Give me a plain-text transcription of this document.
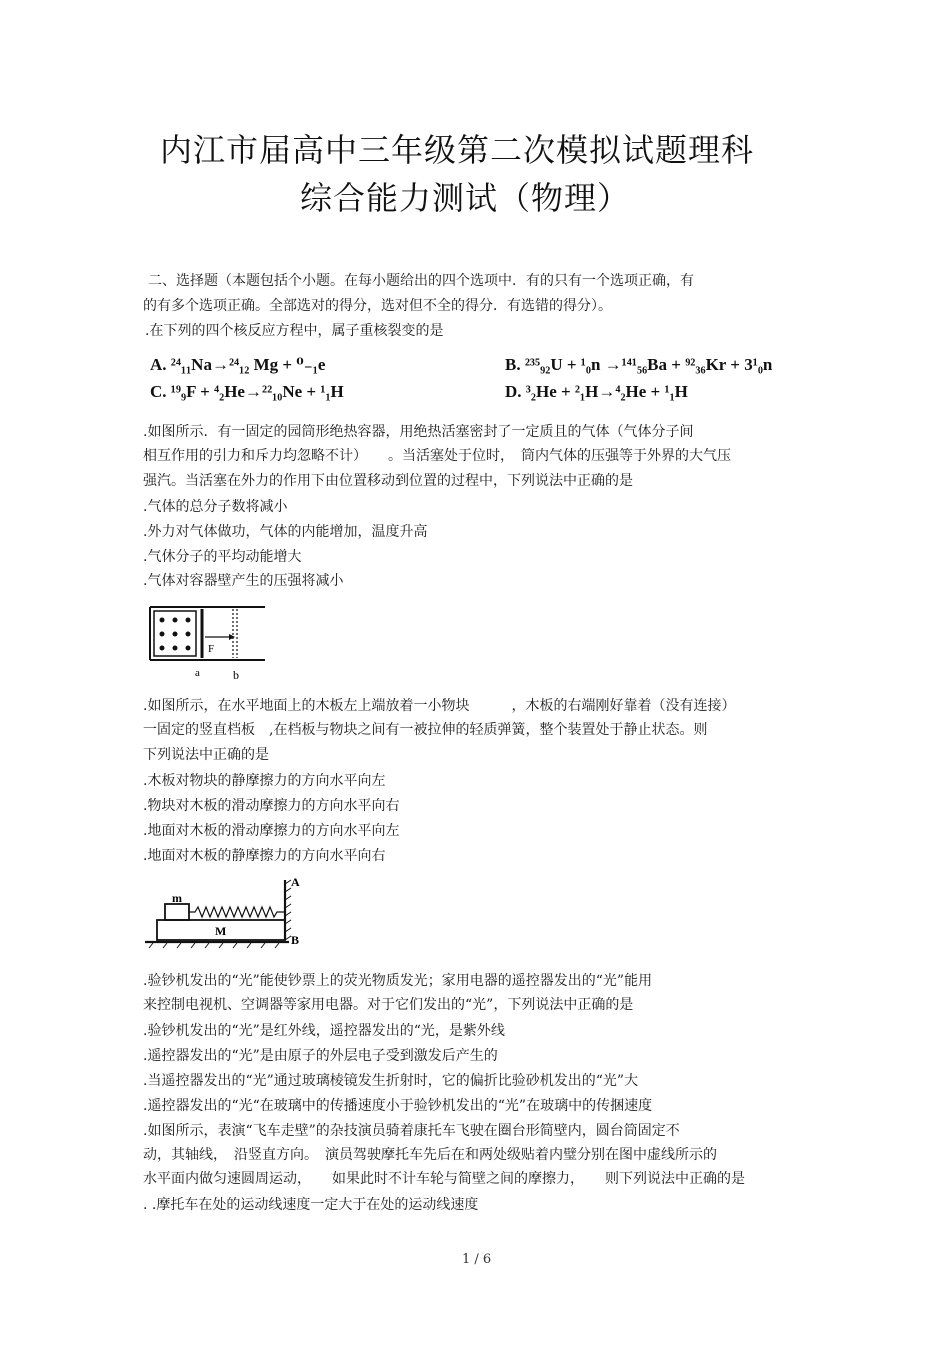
内江市届高中三年级第二次模拟试题理科
综合能力测试（物理）
二、选择题（本题包括个小题。在每小题给出的四个选项中．有的只有一个选项正确，有
的有多个选项正确。全部选对的得分，选对但不全的得分．有选错的得分）。
.在下列的四个核反应方程中，属子重核裂变的是
A. ²⁴₁₁Na→²⁴₁₂ Mg + ⁰₋₁e	B. ²³⁵₉₂U + ¹₀n →¹⁴¹₅₆Ba + ⁹²₃₆Kr + 3¹₀n
C. ¹⁹₉F + ⁴₂He→²²₁₀Ne + ¹₁H	D. ³₂He + ²₁H→⁴₂He + ¹₁H
.如图所示．有一固定的园筒形绝热容器，用绝热活塞密封了一定质且的气体（气体分子间
相互作用的引力和斥力均忽略不计）　　。当活塞处于位时，　筒内气体的压强等于外界的大气压
强汽。当活塞在外力的作用下由位置移动到位置的过程中，下列说法中正确的是
.气体的总分子数将减小
.外力对气体做功，气体的内能增加，温度升高
.气休分子的平均动能增大
.气体对容器壁产生的压强将减小
F
a	b
.如图所示，在水平地面上的木板左上端放着一小物块　　　，木板的右端刚好靠着（没有连接）
一固定的竖直档板　,在档板与物块之间有一被拉伸的轻质弹簧，整个装置处于静止状态。则
下列说法中正确的是
.木板对物块的静摩擦力的方向水平向左
.物块对木板的滑动摩擦力的方向水平向右
.地面对木板的滑动摩擦力的方向水平向左
.地面对木板的静摩擦力的方向水平向右
m
M
A
B
.验钞机发出的“光”能使钞票上的荧光物质发光；家用电器的遥控器发出的“光”能用
来控制电视机、空调器等家用电器。对于它们发出的“光”，下列说法中正确的是
.验钞机发出的“光”是红外线，遥控器发出的“光，是紫外线
.遥控器发出的“光”是由原子的外层电子受到激发后产生的
.当遥控器发出的“光”通过玻璃棱镜发生折射时，它的偏折比验砂机发出的“光”大
.遥控器发出的“光“在玻璃中的传播速度小于验钞机发出的“光”在玻璃中的传捆速度
.如图所示，表演“飞车走壁”的杂技演员骑着康托车飞驶在圈台形简壁内，圆台筒固定不
动，其轴线，　沿竖直方向。　演员驾驶摩托车先后在和两处级贴着内璧分别在图中虚线所示的
水平面内做匀速圆周运动，　　如果此时不计车轮与简壁之间的摩擦力，　　则下列说法中正确的是
. .摩托车在处的运动线速度一定大于在处的运动线速度
1 / 6
